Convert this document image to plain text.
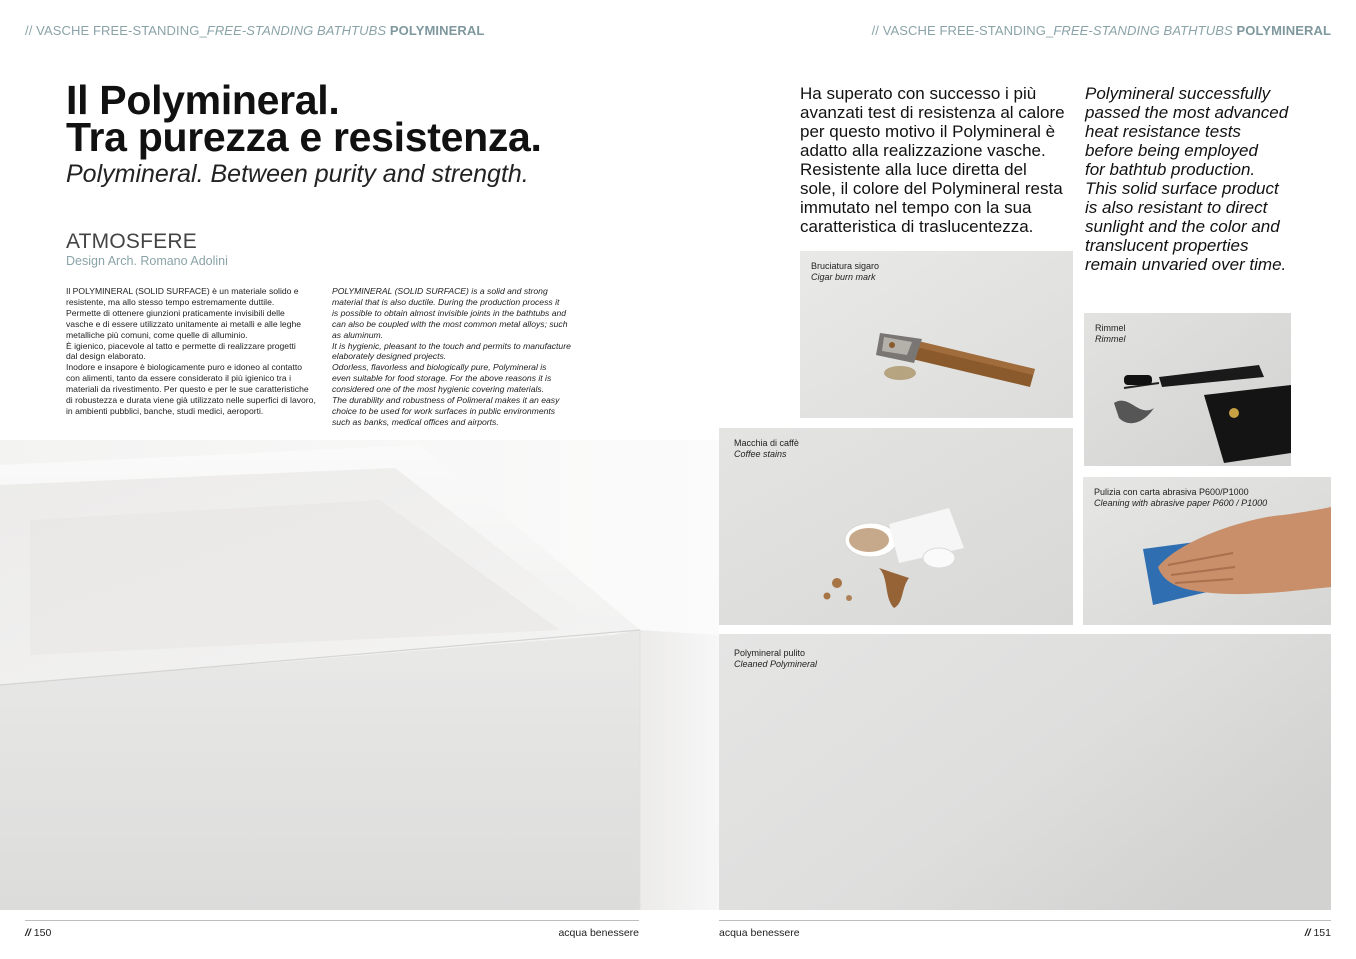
// VASCHE FREE-STANDING_FREE-STANDING BATHTUBS POLYMINERAL
Il Polymineral.
Tra purezza e resistenza.
Polymineral. Between purity and strength.
ATMOSFERE
Design Arch. Romano Adolini

Il POLYMINERAL (SOLID SURFACE) è un materiale solido e

resistente, ma allo stesso tempo estremamente duttile.

Permette di ottenere giunzioni praticamente invisibili delle

vasche e di essere utilizzato unitamente ai metalli e alle leghe

metalliche più comuni, come quelle di alluminio.

È igienico, piacevole al tatto e permette di realizzare progetti

dal design elaborato.

Inodore e insapore è biologicamente puro e idoneo al contatto

con alimenti, tanto da essere considerato il più igienico tra i

materiali da rivestimento. Per questo e per le sue caratteristiche

di robustezza e durata viene già utilizzato nelle superfici di lavoro,

in ambienti pubblici, banche, studi medici, aeroporti.

POLYMINERAL (SOLID SURFACE) is a solid and strong

material that is also ductile. During the production process it

is possible to obtain almost invisible joints in the bathtubs and

can also be coupled with the most common metal alloys; such

as aluminum.

It is hygienic, pleasant to the touch and permits to manufacture

elaborately designed projects.

Odorless, flavorless and biologically pure, Polymineral is

even suitable for food storage. For the above reasons it is

considered one of the most hygienic covering materials.

The durability and robustness of Polimeral makes it an easy

choice to be used for work surfaces in public environments

such as banks, medical offices and airports.

// 150	acqua benessere
// VASCHE FREE-STANDING_FREE-STANDING BATHTUBS POLYMINERAL
Ha superato con successo i più
avanzati test di resistenza al calore
per questo motivo il Polymineral è
adatto alla realizzazione vasche.
Resistente alla luce diretta del
sole, il colore del Polymineral resta
immutato nel tempo con la sua
caratteristica di traslucentezza.
Polymineral successfully
passed the most advanced
heat resistance tests
before being employed
for bathtub production.
This solid surface product
is also resistant to direct
sunlight and the color and
translucent properties
remain unvaried over time.
Bruciatura sigaro
Cigar burn mark
Rimmel
Rimmel
Macchia di caffè
Coffee stains
Pulizia con carta abrasiva P600/P1000
Cleaning with abrasive paper P600 / P1000
Polymineral pulito
Cleaned Polymineral
acqua benessere	// 151
